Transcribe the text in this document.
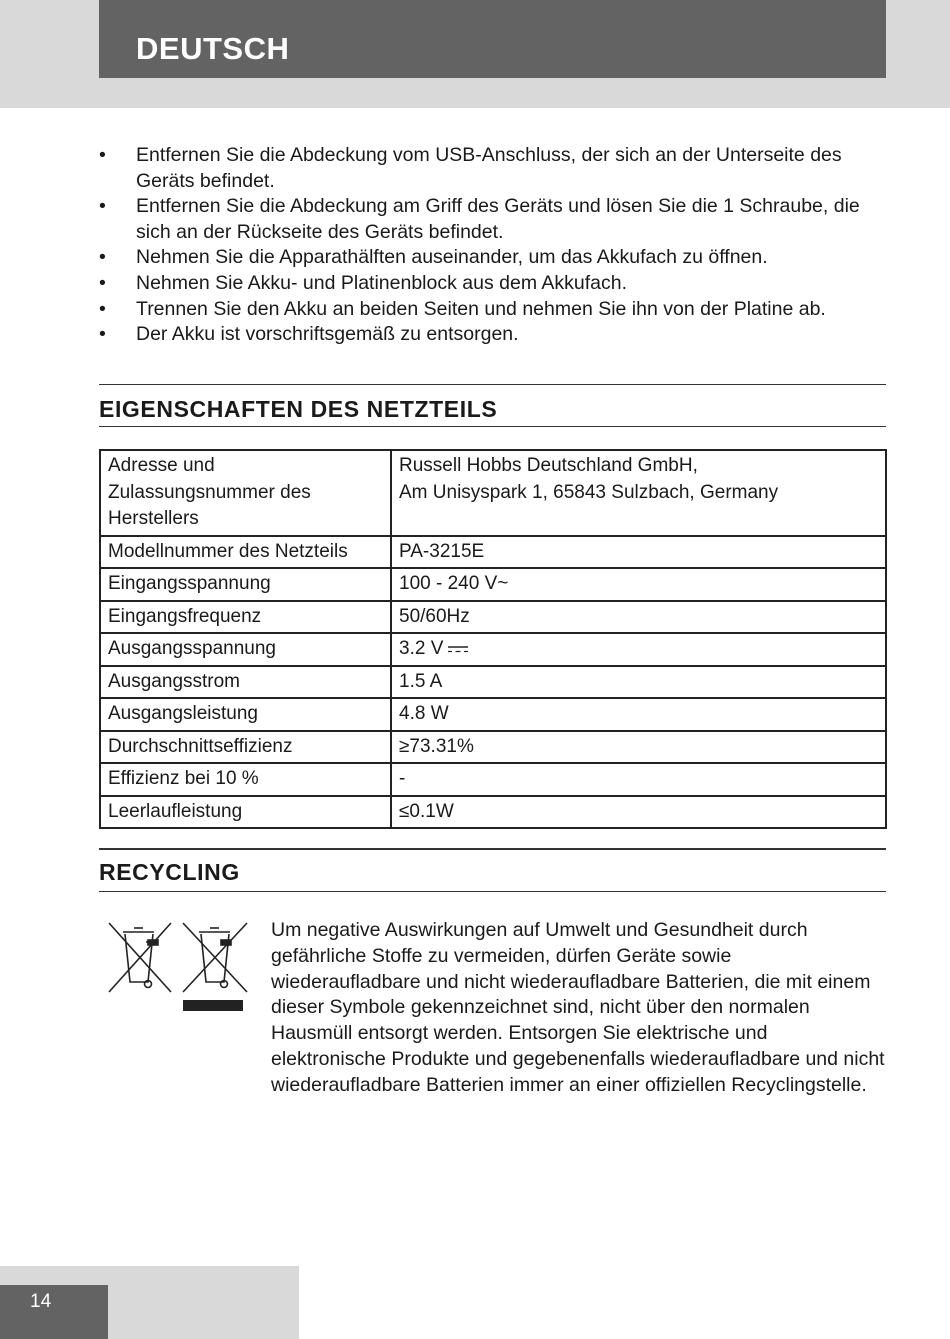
DEUTSCH
• Entfernen Sie die Abdeckung vom USB-Anschluss, der sich an der Unterseite des Geräts befindet.
• Entfernen Sie die Abdeckung am Griff des Geräts und lösen Sie die 1 Schraube, die sich an der Rückseite des Geräts befindet.
• Nehmen Sie die Apparathälften auseinander, um das Akkufach zu öffnen.
• Nehmen Sie Akku- und Platinenblock aus dem Akkufach.
• Trennen Sie den Akku an beiden Seiten und nehmen Sie ihn von der Platine ab.
• Der Akku ist vorschriftsgemäß zu entsorgen.
EIGENSCHAFTEN DES NETZTEILS
Adresse und Zulassungsnummer des Herstellers	Russell Hobbs Deutschland GmbH,
Am Unisyspark 1, 65843 Sulzbach, Germany
Modellnummer des Netzteils	PA-3215E
Eingangsspannung	100 - 240 V~
Eingangsfrequenz	50/60Hz
Ausgangsspannung	3.2 V
Ausgangsstrom	1.5 A
Ausgangsleistung	4.8 W
Durchschnittseffizienz	≥73.31%
Effizienz bei 10 %	-
Leerlaufleistung	≤0.1W
RECYCLING
Um negative Auswirkungen auf Umwelt und Gesundheit durch gefährliche Stoffe zu vermeiden, dürfen Geräte sowie wiederaufladbare und nicht wiederaufladbare Batterien, die mit einem dieser Symbole gekennzeichnet sind, nicht über den normalen Hausmüll entsorgt werden. Entsorgen Sie elektrische und elektronische Produkte und gegebenenfalls wiederaufladbare und nicht wiederaufladbare Batterien immer an einer offiziellen Recyclingstelle.
14
